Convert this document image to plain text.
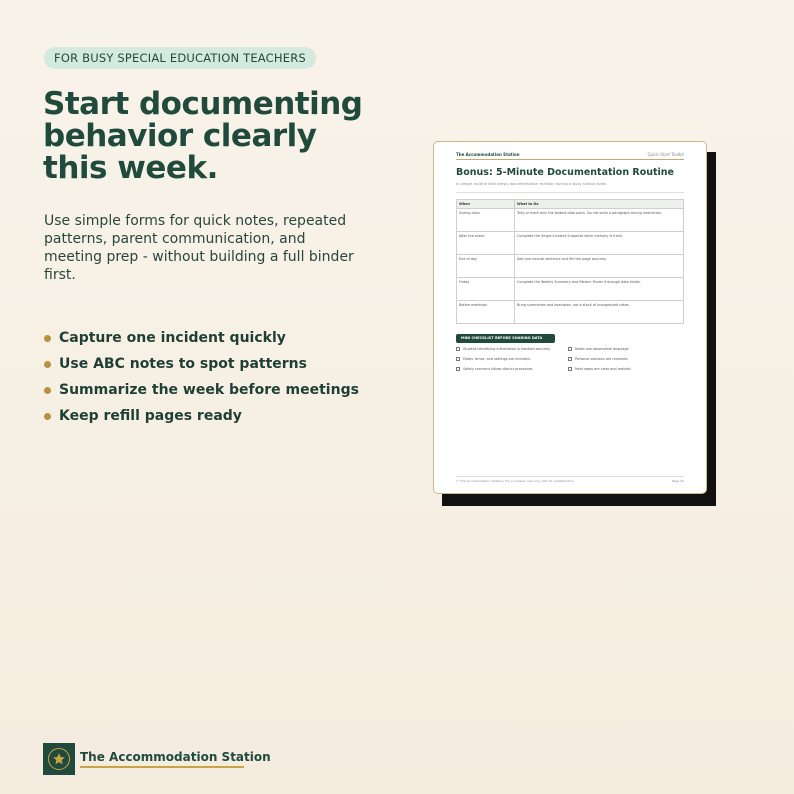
FOR BUSY SPECIAL EDUCATION TEACHERS
Start documenting behavior clearly this week.

Use simple forms for quick notes, repeated patterns, parent communication, and meeting prep - without building a full binder first.

Capture one incident quickly
Use ABC notes to spot patterns
Summarize the week before meetings
Keep refill pages ready
The Accommodation Station	Quick-Start Toolkit
Bonus: 5-Minute Documentation Routine
A simple routine that keeps documentation realistic during a busy school week.
When	What to Do
During class	Tally or mark only the fastest data point. Do not write a paragraph during instruction.
After the event	Complete the Single Incident Snapshot while memory is fresh.
End of day	Add one neutral sentence and file the page securely.
Friday	Complete the Weekly Summary and Pattern Finder if enough data exists.
Before meetings	Bring summaries and examples, not a stack of unorganized notes.
MINI CHECKLIST BEFORE SHARING DATA
Student identifying information is handled securely.	Notes use observable language.
Dates, times, and settings are included.	Personal opinions are removed.
Safety concerns follow district procedure.	Next steps are clear and realistic.
© The Accommodation Station | For purchaser use only | Not for redistribution	Page 20
The Accommodation Station
